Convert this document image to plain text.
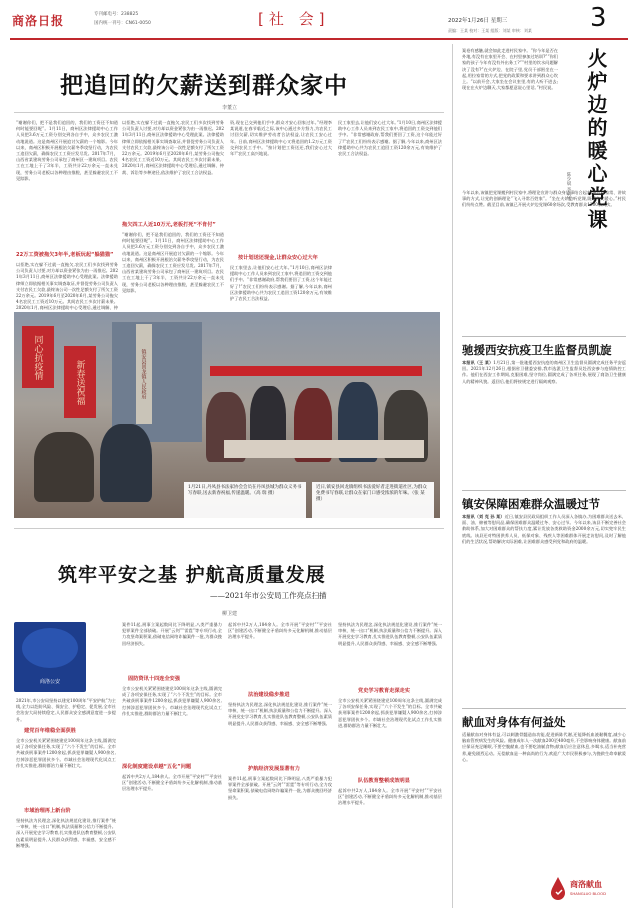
商洛日报	专刊邮电号：238825
国内统一刊号：CN61-0050	[社 会]	2022年1月26日 星期三	3
责编：王某 校对：王某 组版：刘某 审核：刘某
把追回的欠薪送到群众家中
李董立
“谢谢你们，把不是我们追回的，我们的工资还不知道何时能要回呢”。1月11日，商州区法律援助中心工作人员把3.6万元工资分别交到各自手中，众多农民工激动地说道。这是商州区开展追讨欠薪的一个缩影。今年以来，商州区积极开展根治欠薪冬季攻坚行动，为农民工追回欠薪，确保农民工工资应发尽发。2017年7月，山西省某建筑劳务公司承包了商州区一建筑项目。农民工在工地上干了3年半，工资共计22万余元一直未兑现，劳务公司老板以各种理由推脱，甚至躲避农民工不见踪影。
22万工资被拖欠3年半,老板玩起“躲猫猫”
以拒绝,实在躲不过就一直拖欠,农民工们多次找到劳务公司负责人讨要,对方却以资金紧张为由一再推迟。2021年3月11日,商州区法律援助中心受理此案。法律援助律师立即依据相关事实调查取证,并督促劳务公司负责人支付农民工欠款,最终该公司一次性足额支付了所欠工资22万余元。2019年6月至2020年6月,某劳务公司拖欠4名农民工工资近10万元。其间农民工多次讨薪未果。2020年1月,商州区法律援助中心受理后,通过调解、仲
以拒绝,实在躲不过就一直拖欠,农民工们多次找到劳务公司负责人讨要,对方却以资金紧张为由一再推迟。2021年3月11日,商州区法律援助中心受理此案。法律援助律师立即依据相关事实调查取证,并督促劳务公司负责人支付农民工欠款,最终该公司一次性足额支付了所欠工资22万余元。2019年6月至2020年6月,某劳务公司拖欠4名农民工工资近10万元。其间农民工多次讨薪未果。2020年1月,商州区法律援助中心受理后,通过调解、仲裁、诉讼等多种途径,依法维护了农民工合法权益。
拖欠四工人近10万元,老板打死“不肯付”
“谢谢你们，把不是我们追回的，我们的工资还不知道何时能要回呢”。1月11日，商州区法律援助中心工作人员把3.6万元工资分别交到各自手中，众多农民工激动地说道。这是商州区开展追讨欠薪的一个缩影。今年以来，商州区积极开展根治欠薪冬季攻坚行动，为农民工追回欠薪，确保农民工工资应发尽发。2017年7月，山西省某建筑劳务公司承包了商州区一建筑项目。农民工在工地上干了3年半，工资共计22万余元一直未兑现，劳务公司老板以各种理由推脱，甚至躲避农民工不见踪影。
资,现在已交到他们手中,群众才安心回家过年。”经理李某说道,在春节临近之际,该中心通过多方努力,为农民工讨回欠薪,切实维护劳动者合法权益,让农民工安心过年。日前,商州区法律援助中心又将追回的1.2万元工资交到农民工手中。“按计划把工资送还,我们安心过大年!”农民工高兴地说。
按计划送还现金,让群众安心过大年
民工家里去,让他们安心过大年。”1月10日,商州区法律援助中心工作人员来到农民工家中,将追回的工资交到他们手中。“非常感谢政府,帮我们要回了工资,这个年能过好了!”农民工们纷纷表示感谢。据了解,今年以来,商州区法律援助中心共为农民工追回工资120余万元,有效维护了农民工合法权益。
民工家里去,让他们安心过大年。”1月10日,商州区法律援助中心工作人员来到农民工家中,将追回的工资交到他们手中。“非常感谢政府,帮我们要回了工资,这个年能过好了!”农民工们纷纷表示感谢。据了解,今年以来,商州区法律援助中心共为农民工追回工资120余万元,有效维护了农民工合法权益。
同心抗疫情
新春送祝福	镇安县回龙镇人民政府
1月21日,丹凤县书法家协会会员在丹凤县城为群众义务书写春联,送去新春祝福,传递温暖。（高 瑞 摄）
近日,镇安县回龙镇组织书法爱好者走进街道社区,为群众免费书写春联,让群众在家门口感受浓浓的年味。（张 某 摄）
筑牢平安之基 护航高质量发展
——2021年市公安局工作亮点扫描
柳卫建
商洛公安
2021年,市公安局坚持以建党100周年“平安护航”为主线,全力以赴防风险、保安全、护稳定、促发展,全市社会治安大局持续稳定,人民群众安全感满意度进一步提升。
建党百年维稳全面获胜
全市公安机关紧紧围绕建党100周年这条主线,圆满完成了各项安保任务,实现了“六个不发生”的目标。全市共破获刑事案件1200余起,抓获犯罪嫌疑人900余名,打掉涉恶犯罪团伙多个。市域社会治理现代化试点工作扎实推进,群防群治力量不断壮大。
市域治理再上新台阶
坚持执法为民理念,深化执法规范化建设,推行案件“统一审核、统一出口”机制,执法质量和公信力不断提升。深入开展党史学习教育,扎实推进队伍教育整顿,公安队伍素质明显提升,人民群众获得感、幸福感、安全感不断增强。
案件11起,刑事立案起数同比下降明显,八类严重暴力犯罪案件全部侦破。开展“云剑”“雷霆”等专项行动,全力攻坚命案积案,侦破电信网络诈骗案件一批,为群众挽回经济损失。
固防资讯十四连全安强
全市公安机关紧紧围绕建党100周年这条主线,圆满完成了各项安保任务,实现了“六个不发生”的目标。全市共破获刑事案件1200余起,抓获犯罪嫌疑人900余名,打掉涉恶犯罪团伙多个。市域社会治理现代化试点工作扎实推进,群防群治力量不断壮大。
深化制度建设卓越“五化”问题
起诉中共2万人,184余人。全市开展“平安村”“平安社区”创建活动,不断健全矛盾纠纷多元化解机制,推动基层治理水平提升。
起诉中共2万人,184余人。全市开展“平安村”“平安社区”创建活动,不断健全矛盾纠纷多元化解机制,推动基层治理水平提升。
法治建设稳步推进
坚持执法为民理念,深化执法规范化建设,推行案件“统一审核、统一出口”机制,执法质量和公信力不断提升。深入开展党史学习教育,扎实推进队伍教育整顿,公安队伍素质明显提升,人民群众获得感、幸福感、安全感不断增强。
护航经济发展显著有力
案件11起,刑事立案起数同比下降明显,八类严重暴力犯罪案件全部侦破。开展“云剑”“雷霆”等专项行动,全力攻坚命案积案,侦破电信网络诈骗案件一批,为群众挽回经济损失。
坚持执法为民理念,深化执法规范化建设,推行案件“统一审核、统一出口”机制,执法质量和公信力不断提升。深入开展党史学习教育,扎实推进队伍教育整顿,公安队伍素质明显提升,人民群众获得感、幸福感、安全感不断增强。
党史学习教育走深走实
全市公安机关紧紧围绕建党100周年这条主线,圆满完成了各项安保任务,实现了“六个不发生”的目标。全市共破获刑事案件1200余起,抓获犯罪嫌疑人900余名,打掉涉恶犯罪团伙多个。市域社会治理现代化试点工作扎实推进,群防群治力量不断壮大。
队伍教育整顿成效明显
起诉中共2万人,184余人。全市开展“平安村”“平安社区”创建活动,不断健全矛盾纠纷多元化解机制,推动基层治理水平提升。
火炉边的暖心党课
陈少斌 李明旭
案卷有感触,就会如此走进村民家中。“你今年是否在外地,有没有在家里开会、在村里参加过培训?”“你们家的孩子今年有没有外出务工?”“村里的饮水问题解决了没有?”在火炉边、在院子里,党员干部围坐在一起,用拉家常的方式,把党的政策和要求讲到群众心坎上。“以前开会,大家坐在会议室里,有的人听不进去;现在在火炉边聊天,大家都愿意说心里话。”村民说。
今年以来,该镇把党课搬到村民家中,将理论宣讲与群众身边事结合起来,通过拉家常、讲故事的方式,让党的创新理论“飞入寻常百姓家”。“坐在火炉边听党课,既暖身又暖心。”村民们纷纷点赞。截至目前,该镇已开展火炉边党课60余场次,受教育群众1200余人次。
驰援西安抗疫卫生监督员凯旋
本报讯（王 某）1月21日,第一批驰援西安抗疫的商州区卫生监督员圆满完成任务平安返回。2021年12月26日,根据省卫健委安排,我市选派卫生监督员赴西安参与疫情防控工作。他们在西安工作期间,克服困难,坚守岗位,圆满完成了各项任务,展现了商洛卫生健康人的精神风貌。返回后,他们将按规定进行隔离观察。
镇安保障困难群众温暖过节
本报讯（刘 克 孙 某）近日,镇安县民政局组织工作人员深入各镇办,为困难群众送去米、面、油、棉被等慰问品,确保困难群众温暖过冬、安心过节。今年以来,该县不断完善社会救助体系,加大对困难群众的帮扶力度,累计发放各类救助资金2000余万元,切实兜牢民生底线。该县还对特困供养人员、低保对象、残疾人等困难群体开展走访慰问,及时了解他们的生活状况,帮助解决实际困难,让困难群众感受到党和政府的温暖。
献血对身体有何益处
适量献血对身体有益,可以刺激骨髓造血功能,促进新陈代谢,还能降低血液黏稠度,减少心脑血管疾病发生的风险。健康成年人一次献血200至400毫升,不会影响身体健康。献血前应保证充足睡眠,不要空腹献血,也不要吃油腻食物;献血后应注意休息,多喝水,适当补充营养,避免剧烈运动。无偿献血是一种高尚的行为,欢迎广大市民积极参与,为挽救生命奉献爱心。
商洛献血
SHANGLUO BLOOD
